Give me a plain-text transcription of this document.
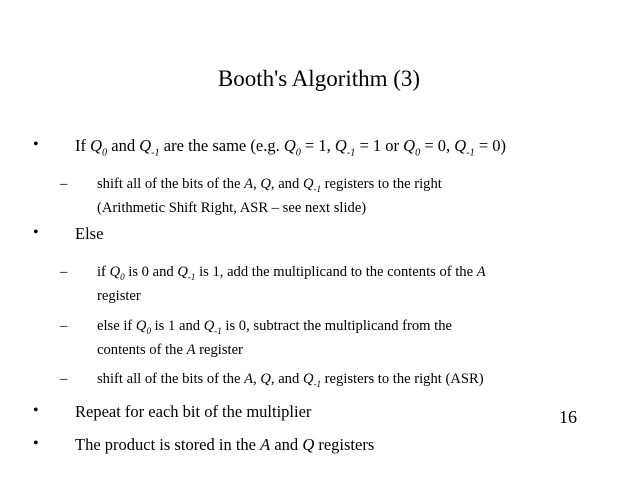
Booth's Algorithm (3)
• If $Q_0$ and $Q_{-1}$ are the same (e.g. $Q_0 = 1$, $Q_{-1} = 1$ or $Q_0 = 0$, $Q_{-1} = 0$)
– shift all of the bits of the A, Q, and $Q_{-1}$ registers to the right
(Arithmetic Shift Right, ASR – see next slide)
• Else
– if $Q_0$ is 0 and $Q_{-1}$ is 1, add the multiplicand to the contents of the A
register
– else if $Q_0$ is 1 and $Q_{-1}$ is 0, subtract the multiplicand from the
contents of the A register
– shift all of the bits of the A, Q, and $Q_{-1}$ registers to the right (ASR)
• Repeat for each bit of the multiplier
• The product is stored in the A and Q registers
16
